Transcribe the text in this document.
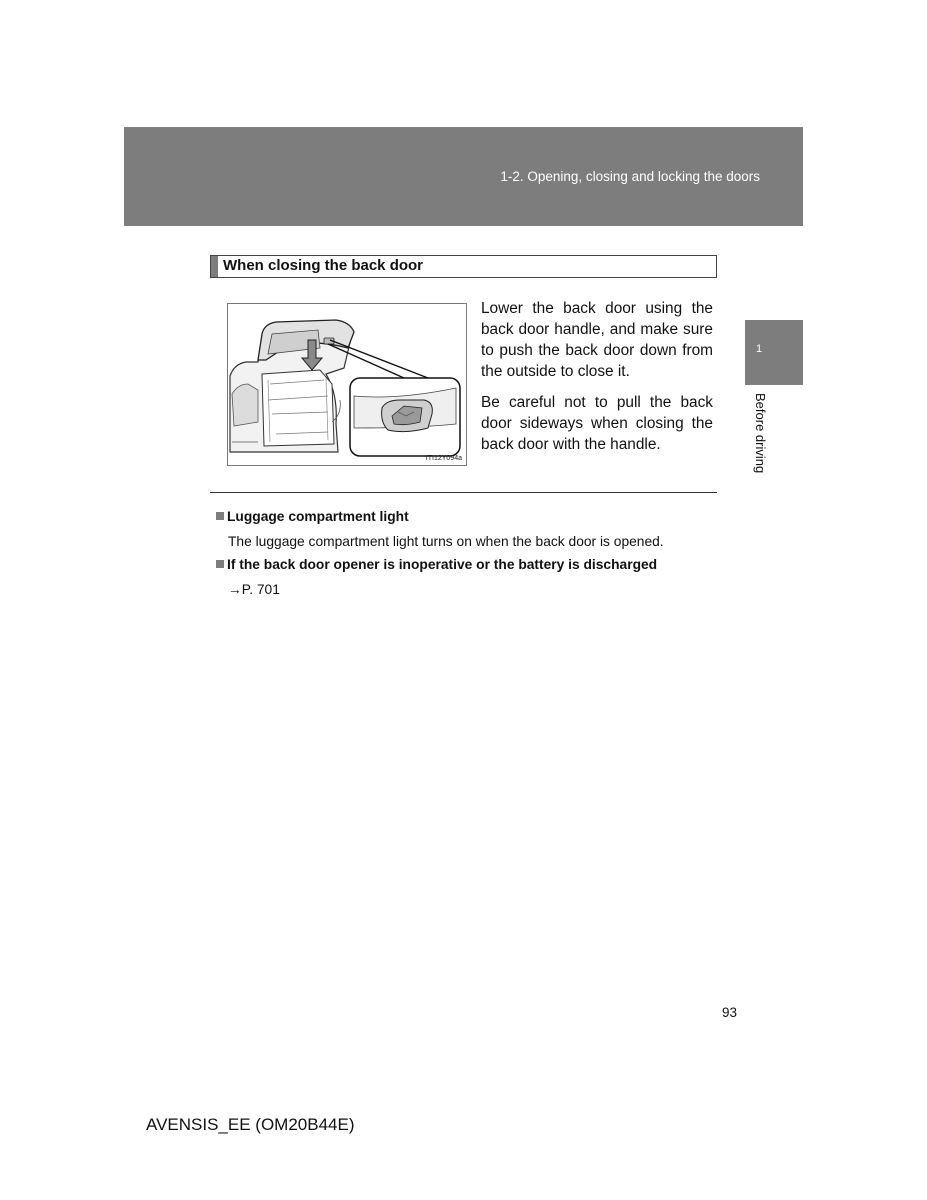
1-2. Opening, closing and locking the doors
When closing the back door
ITI12Y094a

Lower the back door using the back door handle, and make sure to push the back door down from the outside to close it.

Be careful not to pull the back door sideways when closing the back door with the handle.

Luggage compartment light
The luggage compartment light turns on when the back door is opened.
If the back door opener is inoperative or the battery is discharged
→P. 701
1
Before driving
93
AVENSIS_EE (OM20B44E)
